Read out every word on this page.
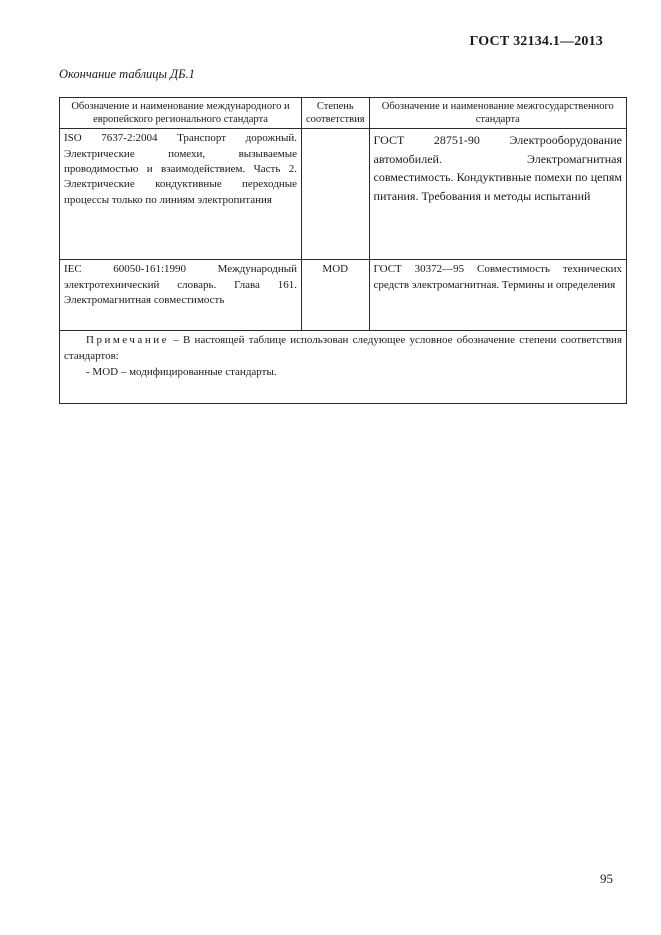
ГОСТ 32134.1—2013
Окончание таблицы ДБ.1
Обозначение и наименование международного и европейского регионального стандарта	Степень соответствия	Обозначение и наименование межгосударственного стандарта
ISO 7637-2:2004 Транспорт дорожный. Электрические помехи, вызываемые проводимостью и взаимодействием. Часть 2. Электрические кондуктивные переходные процессы только по линиям электропитания		ГОСТ 28751-90 Электрооборудование автомобилей. Электромагнитная совместимость. Кондуктивные помехи по цепям питания. Требования и методы испытаний
IEC 60050-161:1990 Международный электротехнический словарь. Глава 161. Электромагнитная совместимость	MOD	ГОСТ 30372—95 Совместимость технических средств электромагнитная. Термины и определения

Примечание – В настоящей таблице использован следующее условное обозначение степени соответствия стандартов:
- MOD – модифицированные стандарты.		
95
